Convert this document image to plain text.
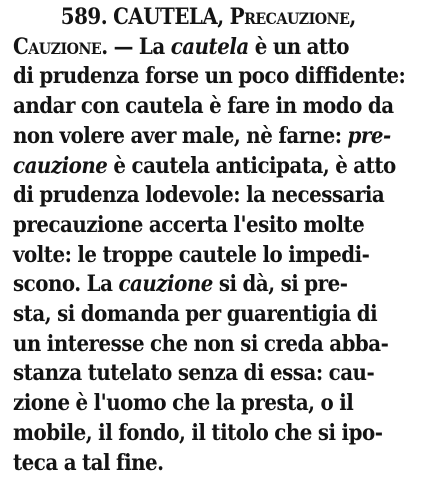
589. CAUTELA, Precauzione,
Cauzione. — La cautela è un atto
di prudenza forse un poco diffidente:
andar con cautela è fare in modo da
non volere aver male, nè farne: pre-
cauzione è cautela anticipata, è atto
di prudenza lodevole: la necessaria
precauzione accerta l'esito molte
volte: le troppe cautele lo impedi-
scono. La cauzione si dà, si pre-
sta, si domanda per guarentigia di
un interesse che non si creda abba-
stanza tutelato senza di essa: cau-
zione è l'uomo che la presta, o il
mobile, il fondo, il titolo che si ipo-
teca a tal fine.
